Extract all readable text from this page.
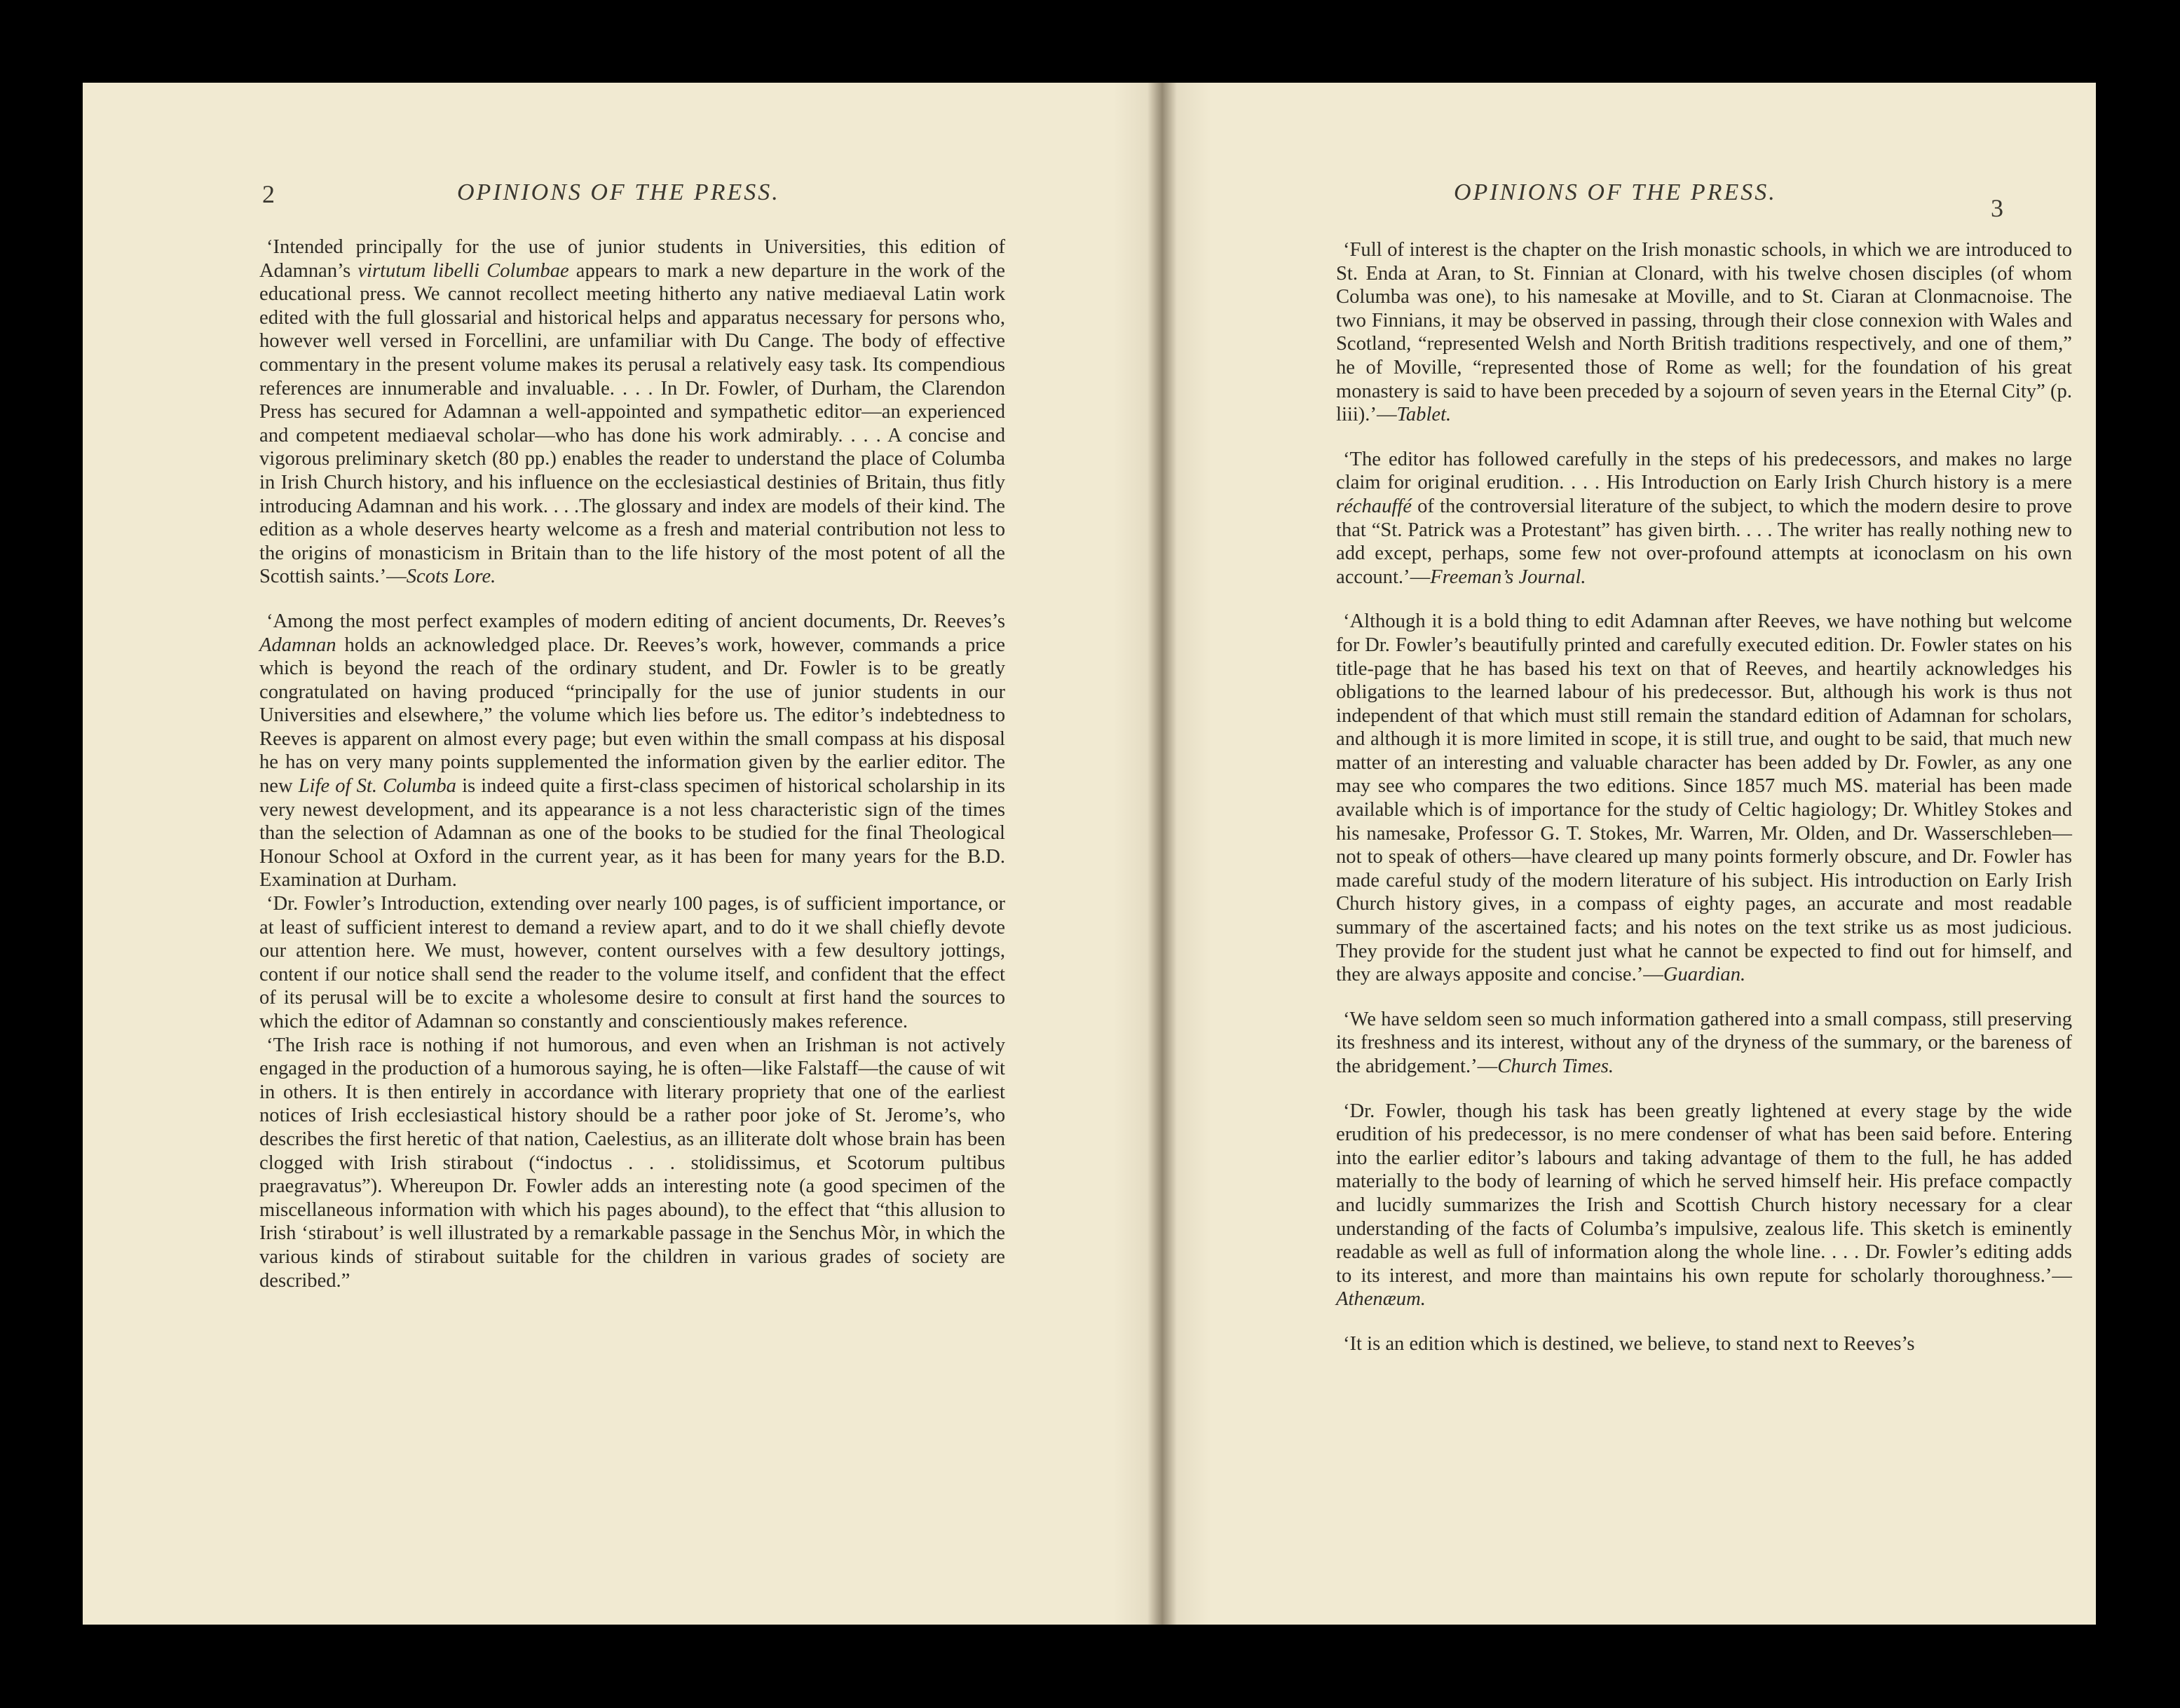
2	OPINIONS OF THE PRESS.

‘Intended principally for the use of junior students in Universities, this edition of Adamnan’s virtutum libelli Columbae appears to mark a new departure in the work of the educational press. We cannot recollect meeting hitherto any native mediaeval Latin work edited with the full glossarial and historical helps and apparatus necessary for persons who, however well versed in Forcellini, are unfamiliar with Du Cange. The body of effective commentary in the present volume makes its perusal a relatively easy task. Its compendious references are innumerable and invaluable. . . . In Dr. Fowler, of Durham, the Clarendon Press has secured for Adamnan a well-appointed and sympathetic editor—an experienced and competent mediaeval scholar—who has done his work admirably. . . . A concise and vigorous preliminary sketch (80 pp.) enables the reader to understand the place of Columba in Irish Church history, and his influence on the ecclesiastical destinies of Britain, thus fitly introducing Adamnan and his work. . . .The glossary and index are models of their kind. The edition as a whole deserves hearty welcome as a fresh and material contribution not less to the origins of monasticism in Britain than to the life history of the most potent of all the Scottish saints.’—Scots Lore.

‘Among the most perfect examples of modern editing of ancient documents, Dr. Reeves’s Adamnan holds an acknowledged place. Dr. Reeves’s work, however, commands a price which is beyond the reach of the ordinary student, and Dr. Fowler is to be greatly congratulated on having produced “principally for the use of junior students in our Universities and elsewhere,” the volume which lies before us. The editor’s indebtedness to Reeves is apparent on almost every page; but even within the small compass at his disposal he has on very many points supplemented the information given by the earlier editor. The new Life of St. Columba is indeed quite a first-class specimen of historical scholarship in its very newest development, and its appearance is a not less characteristic sign of the times than the selection of Adamnan as one of the books to be studied for the final Theological Honour School at Oxford in the current year, as it has been for many years for the B.D. Examination at Durham.

‘Dr. Fowler’s Introduction, extending over nearly 100 pages, is of sufficient importance, or at least of sufficient interest to demand a review apart, and to do it we shall chiefly devote our attention here. We must, however, content ourselves with a few desultory jottings, content if our notice shall send the reader to the volume itself, and confident that the effect of its perusal will be to excite a wholesome desire to consult at first hand the sources to which the editor of Adamnan so constantly and conscientiously makes reference.

‘The Irish race is nothing if not humorous, and even when an Irishman is not actively engaged in the production of a humorous saying, he is often—like Falstaff—the cause of wit in others. It is then entirely in accordance with literary propriety that one of the earliest notices of Irish ecclesiastical history should be a rather poor joke of St. Jerome’s, who describes the first heretic of that nation, Caelestius, as an illiterate dolt whose brain has been clogged with Irish stirabout (“indoctus . . . stolidissimus, et Scotorum pultibus praegravatus”). Whereupon Dr. Fowler adds an interesting note (a good specimen of the miscellaneous information with which his pages abound), to the effect that “this allusion to Irish ‘stirabout’ is well illustrated by a remarkable passage in the Senchus Mòr, in which the various kinds of stirabout suitable for the children in various grades of society are described.”

OPINIONS OF THE PRESS.
3

‘Full of interest is the chapter on the Irish monastic schools, in which we are introduced to St. Enda at Aran, to St. Finnian at Clonard, with his twelve chosen disciples (of whom Columba was one), to his namesake at Moville, and to St. Ciaran at Clonmacnoise. The two Finnians, it may be observed in passing, through their close connexion with Wales and Scotland, “represented Welsh and North British traditions respectively, and one of them,” he of Moville, “represented those of Rome as well; for the foundation of his great monastery is said to have been preceded by a sojourn of seven years in the Eternal City” (p. liii).’—Tablet.

‘The editor has followed carefully in the steps of his predecessors, and makes no large claim for original erudition. . . . His Introduction on Early Irish Church history is a mere réchauffé of the controversial literature of the subject, to which the modern desire to prove that “St. Patrick was a Protestant” has given birth. . . . The writer has really nothing new to add except, perhaps, some few not over-profound attempts at iconoclasm on his own account.’—Freeman’s Journal.

‘Although it is a bold thing to edit Adamnan after Reeves, we have nothing but welcome for Dr. Fowler’s beautifully printed and carefully executed edition. Dr. Fowler states on his title-page that he has based his text on that of Reeves, and heartily acknowledges his obligations to the learned labour of his predecessor. But, although his work is thus not independent of that which must still remain the standard edition of Adamnan for scholars, and although it is more limited in scope, it is still true, and ought to be said, that much new matter of an interesting and valuable character has been added by Dr. Fowler, as any one may see who compares the two editions. Since 1857 much MS. material has been made available which is of importance for the study of Celtic hagiology; Dr. Whitley Stokes and his namesake, Professor G. T. Stokes, Mr. Warren, Mr. Olden, and Dr. Wasserschleben—not to speak of others—have cleared up many points formerly obscure, and Dr. Fowler has made careful study of the modern literature of his subject. His introduction on Early Irish Church history gives, in a compass of eighty pages, an accurate and most readable summary of the ascertained facts; and his notes on the text strike us as most judicious. They provide for the student just what he cannot be expected to find out for himself, and they are always apposite and concise.’—Guardian.

‘We have seldom seen so much information gathered into a small compass, still preserving its freshness and its interest, without any of the dryness of the summary, or the bareness of the abridgement.’—Church Times.

‘Dr. Fowler, though his task has been greatly lightened at every stage by the wide erudition of his predecessor, is no mere condenser of what has been said before. Entering into the earlier editor’s labours and taking advantage of them to the full, he has added materially to the body of learning of which he served himself heir. His preface compactly and lucidly summarizes the Irish and Scottish Church history necessary for a clear understanding of the facts of Columba’s impulsive, zealous life. This sketch is eminently readable as well as full of information along the whole line. . . . Dr. Fowler’s editing adds to its interest, and more than maintains his own repute for scholarly thoroughness.’—Athenæum.

‘It is an edition which is destined, we believe, to stand next to Reeves’s
